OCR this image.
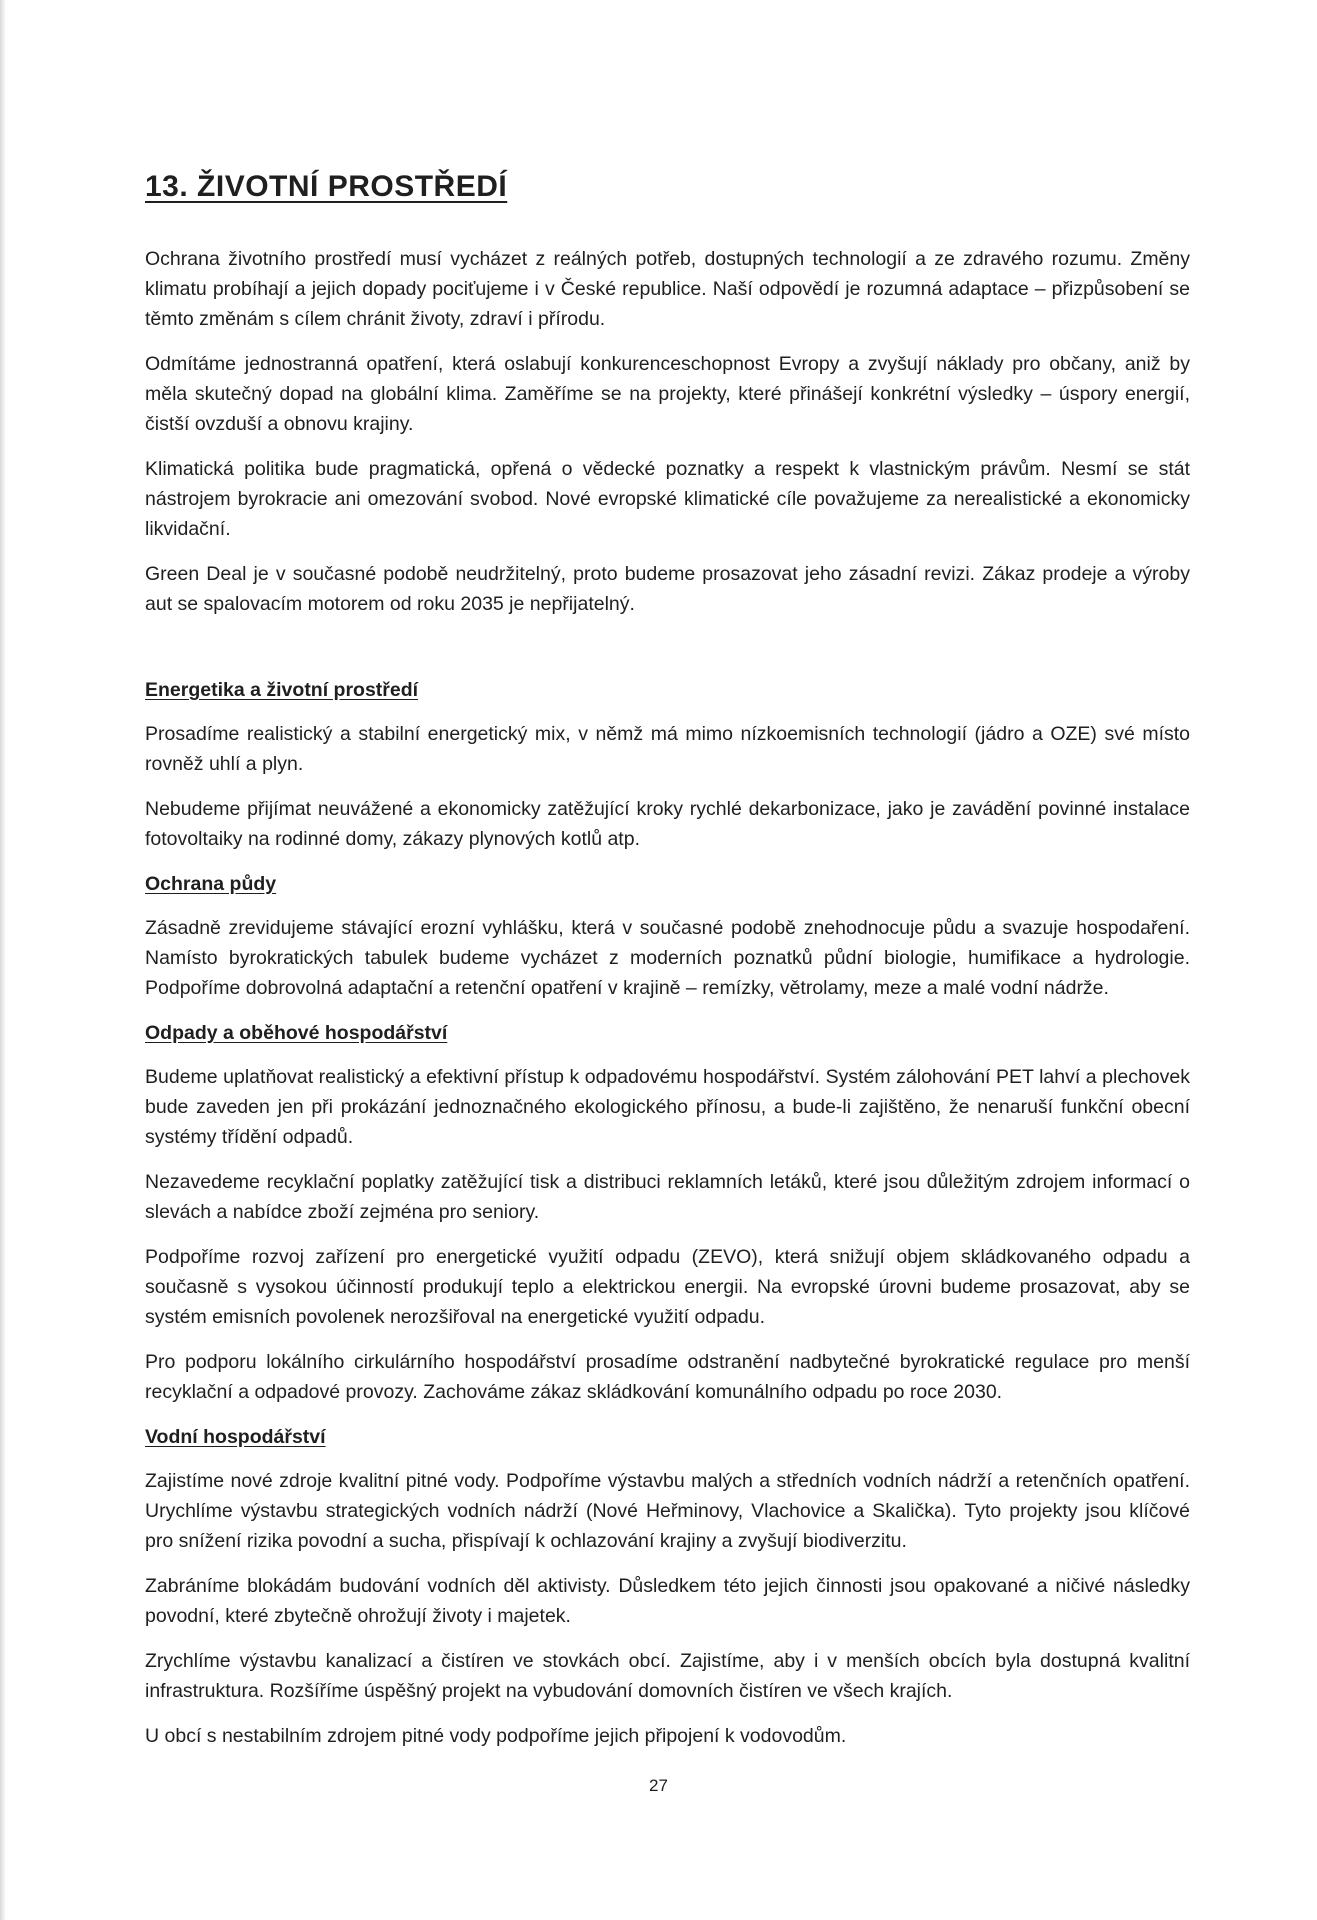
13. ŽIVOTNÍ PROSTŘEDÍ

Ochrana životního prostředí musí vycházet z reálných potřeb, dostupných technologií a ze zdravého rozumu. Změny klimatu probíhají a jejich dopady pociťujeme i v České republice. Naší odpovědí je rozumná adaptace – přizpůsobení se těmto změnám s cílem chránit životy, zdraví i přírodu.

Odmítáme jednostranná opatření, která oslabují konkurenceschopnost Evropy a zvyšují náklady pro občany, aniž by měla skutečný dopad na globální klima. Zaměříme se na projekty, které přinášejí konkrétní výsledky – úspory energií, čistší ovzduší a obnovu krajiny.

Klimatická politika bude pragmatická, opřená o vědecké poznatky a respekt k vlastnickým právům. Nesmí se stát nástrojem byrokracie ani omezování svobod. Nové evropské klimatické cíle považujeme za nerealistické a ekonomicky likvidační.

Green Deal je v současné podobě neudržitelný, proto budeme prosazovat jeho zásadní revizi. Zákaz prodeje a výroby aut se spalovacím motorem od roku 2035 je nepřijatelný.

Energetika a životní prostředí

Prosadíme realistický a stabilní energetický mix, v němž má mimo nízkoemisních technologií (jádro a OZE) své místo rovněž uhlí a plyn.

Nebudeme přijímat neuvážené a ekonomicky zatěžující kroky rychlé dekarbonizace, jako je zavádění povinné instalace fotovoltaiky na rodinné domy, zákazy plynových kotlů atp.

Ochrana půdy

Zásadně zrevidujeme stávající erozní vyhlášku, která v současné podobě znehodnocuje půdu a svazuje hospodaření. Namísto byrokratických tabulek budeme vycházet z moderních poznatků půdní biologie, humifikace a hydrologie. Podpoříme dobrovolná adaptační a retenční opatření v krajině – remízky, větrolamy, meze a malé vodní nádrže.

Odpady a oběhové hospodářství

Budeme uplatňovat realistický a efektivní přístup k odpadovému hospodářství. Systém zálohování PET lahví a plechovek bude zaveden jen při prokázání jednoznačného ekologického přínosu, a bude-li zajištěno, že nenaruší funkční obecní systémy třídění odpadů.

Nezavedeme recyklační poplatky zatěžující tisk a distribuci reklamních letáků, které jsou důležitým zdrojem informací o slevách a nabídce zboží zejména pro seniory.

Podpoříme rozvoj zařízení pro energetické využití odpadu (ZEVO), která snižují objem skládkovaného odpadu a současně s vysokou účinností produkují teplo a elektrickou energii. Na evropské úrovni budeme prosazovat, aby se systém emisních povolenek nerozšiřoval na energetické využití odpadu.

Pro podporu lokálního cirkulárního hospodářství prosadíme odstranění nadbytečné byrokratické regulace pro menší recyklační a odpadové provozy. Zachováme zákaz skládkování komunálního odpadu po roce 2030.

Vodní hospodářství

Zajistíme nové zdroje kvalitní pitné vody. Podpoříme výstavbu malých a středních vodních nádrží a retenčních opatření. Urychlíme výstavbu strategických vodních nádrží (Nové Heřminovy, Vlachovice a Skalička). Tyto projekty jsou klíčové pro snížení rizika povodní a sucha, přispívají k ochlazování krajiny a zvyšují biodiverzitu.

Zabráníme blokádám budování vodních děl aktivisty. Důsledkem této jejich činnosti jsou opakované a ničivé následky povodní, které zbytečně ohrožují životy i majetek.

Zrychlíme výstavbu kanalizací a čistíren ve stovkách obcí. Zajistíme, aby i v menších obcích byla dostupná kvalitní infrastruktura. Rozšíříme úspěšný projekt na vybudování domovních čistíren ve všech krajích.

U obcí s nestabilním zdrojem pitné vody podpoříme jejich připojení k vodovodům.

27
